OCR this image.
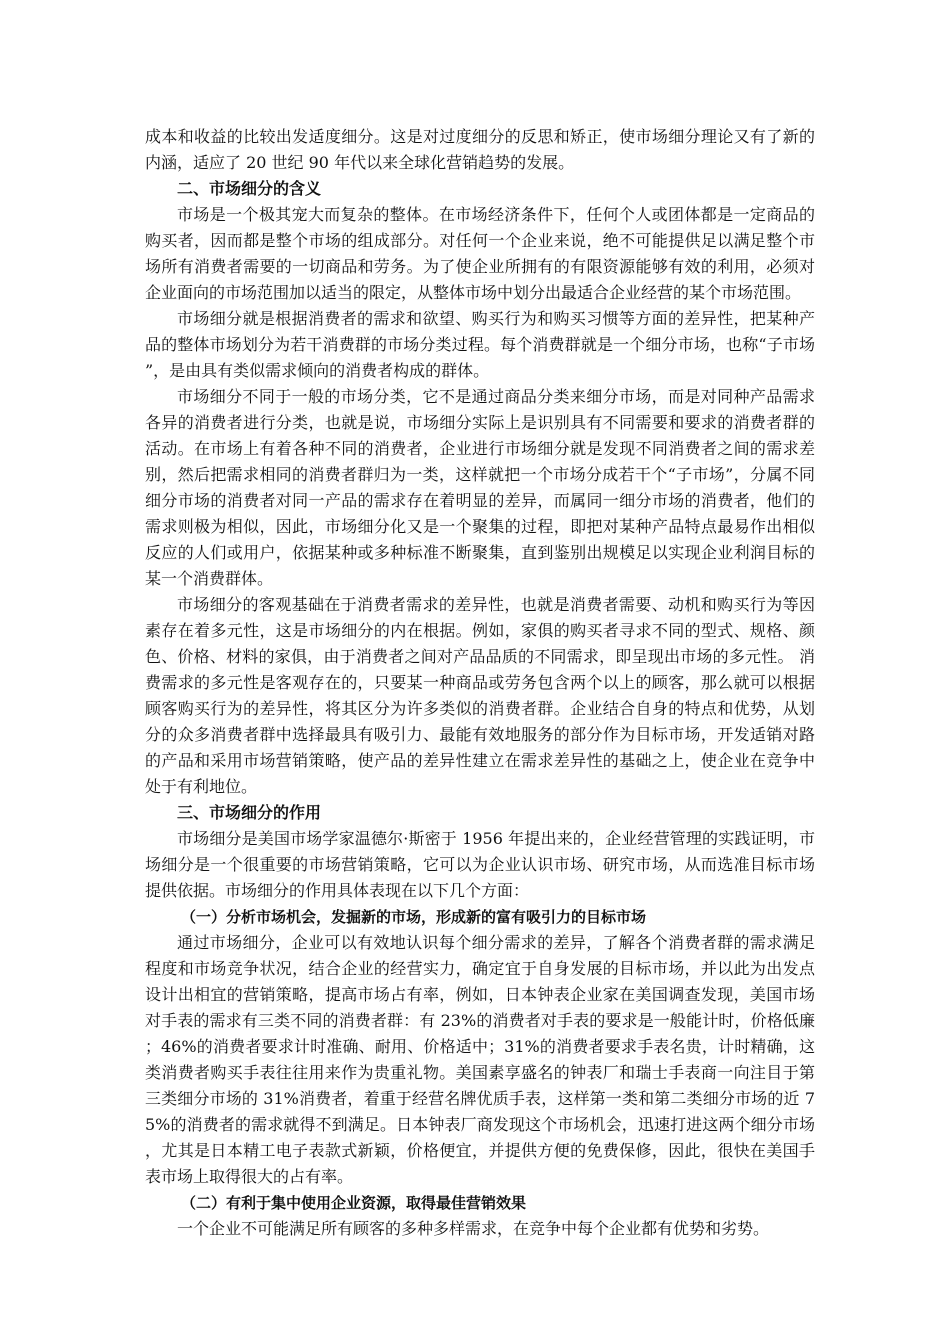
成本和收益的比较出发适度细分。这是对过度细分的反思和矫正，使市场细分理论又有了新的内涵，适应了 20 世纪 90 年代以来全球化营销趋势的发展。

二、市场细分的含义

市场是一个极其宠大而复杂的整体。在市场经济条件下，任何个人或团体都是一定商品的购买者，因而都是整个市场的组成部分。对任何一个企业来说，绝不可能提供足以满足整个市场所有消费者需要的一切商品和劳务。为了使企业所拥有的有限资源能够有效的利用，必须对企业面向的市场范围加以适当的限定，从整体市场中划分出最适合企业经营的某个市场范围。

市场细分就是根据消费者的需求和欲望、购买行为和购买习惯等方面的差异性，把某种产品的整体市场划分为若干消费群的市场分类过程。每个消费群就是一个细分市场，也称“子市场”，是由具有类似需求倾向的消费者构成的群体。

市场细分不同于一般的市场分类，它不是通过商品分类来细分市场，而是对同种产品需求各异的消费者进行分类，也就是说，市场细分实际上是识别具有不同需要和要求的消费者群的活动。在市场上有着各种不同的消费者，企业进行市场细分就是发现不同消费者之间的需求差别，然后把需求相同的消费者群归为一类，这样就把一个市场分成若干个“子市场”，分属不同细分市场的消费者对同一产品的需求存在着明显的差异，而属同一细分市场的消费者，他们的需求则极为相似，因此，市场细分化又是一个聚集的过程，即把对某种产品特点最易作出相似反应的人们或用户，依据某种或多种标准不断聚集，直到鉴别出规模足以实现企业利润目标的某一个消费群体。

市场细分的客观基础在于消费者需求的差异性，也就是消费者需要、动机和购买行为等因素存在着多元性，这是市场细分的内在根据。例如，家俱的购买者寻求不同的型式、规格、颜色、价格、材料的家俱，由于消费者之间对产品品质的不同需求，即呈现出市场的多元性。 消费需求的多元性是客观存在的，只要某一种商品或劳务包含两个以上的顾客，那么就可以根据顾客购买行为的差异性，将其区分为许多类似的消费者群。企业结合自身的特点和优势，从划分的众多消费者群中选择最具有吸引力、最能有效地服务的部分作为目标市场，开发适销对路的产品和采用市场营销策略，使产品的差异性建立在需求差异性的基础之上，使企业在竞争中处于有利地位。

三、市场细分的作用

市场细分是美国市场学家温德尔·斯密于 1956 年提出来的，企业经营管理的实践证明，市场细分是一个很重要的市场营销策略，它可以为企业认识市场、研究市场，从而选准目标市场提供依据。市场细分的作用具体表现在以下几个方面：

（一）分析市场机会，发掘新的市场，形成新的富有吸引力的目标市场

通过市场细分，企业可以有效地认识每个细分需求的差异，了解各个消费者群的需求满足程度和市场竞争状况，结合企业的经营实力，确定宜于自身发展的目标市场，并以此为出发点设计出相宜的营销策略，提高市场占有率，例如，日本钟表企业家在美国调查发现，美国市场对手表的需求有三类不同的消费者群：有 23%的消费者对手表的要求是一般能计时，价格低廉；46%的消费者要求计时准确、耐用、价格适中；31%的消费者要求手表名贵，计时精确，这类消费者购买手表往往用来作为贵重礼物。美国素享盛名的钟表厂和瑞士手表商一向注目于第三类细分市场的 31%消费者，着重于经营名牌优质手表，这样第一类和第二类细分市场的近 75%的消费者的需求就得不到满足。日本钟表厂商发现这个市场机会，迅速打进这两个细分市场，尤其是日本精工电子表款式新颖，价格便宜，并提供方便的免费保修，因此，很快在美国手表市场上取得很大的占有率。

（二）有利于集中使用企业资源，取得最佳营销效果

一个企业不可能满足所有顾客的多种多样需求，在竞争中每个企业都有优势和劣势。
